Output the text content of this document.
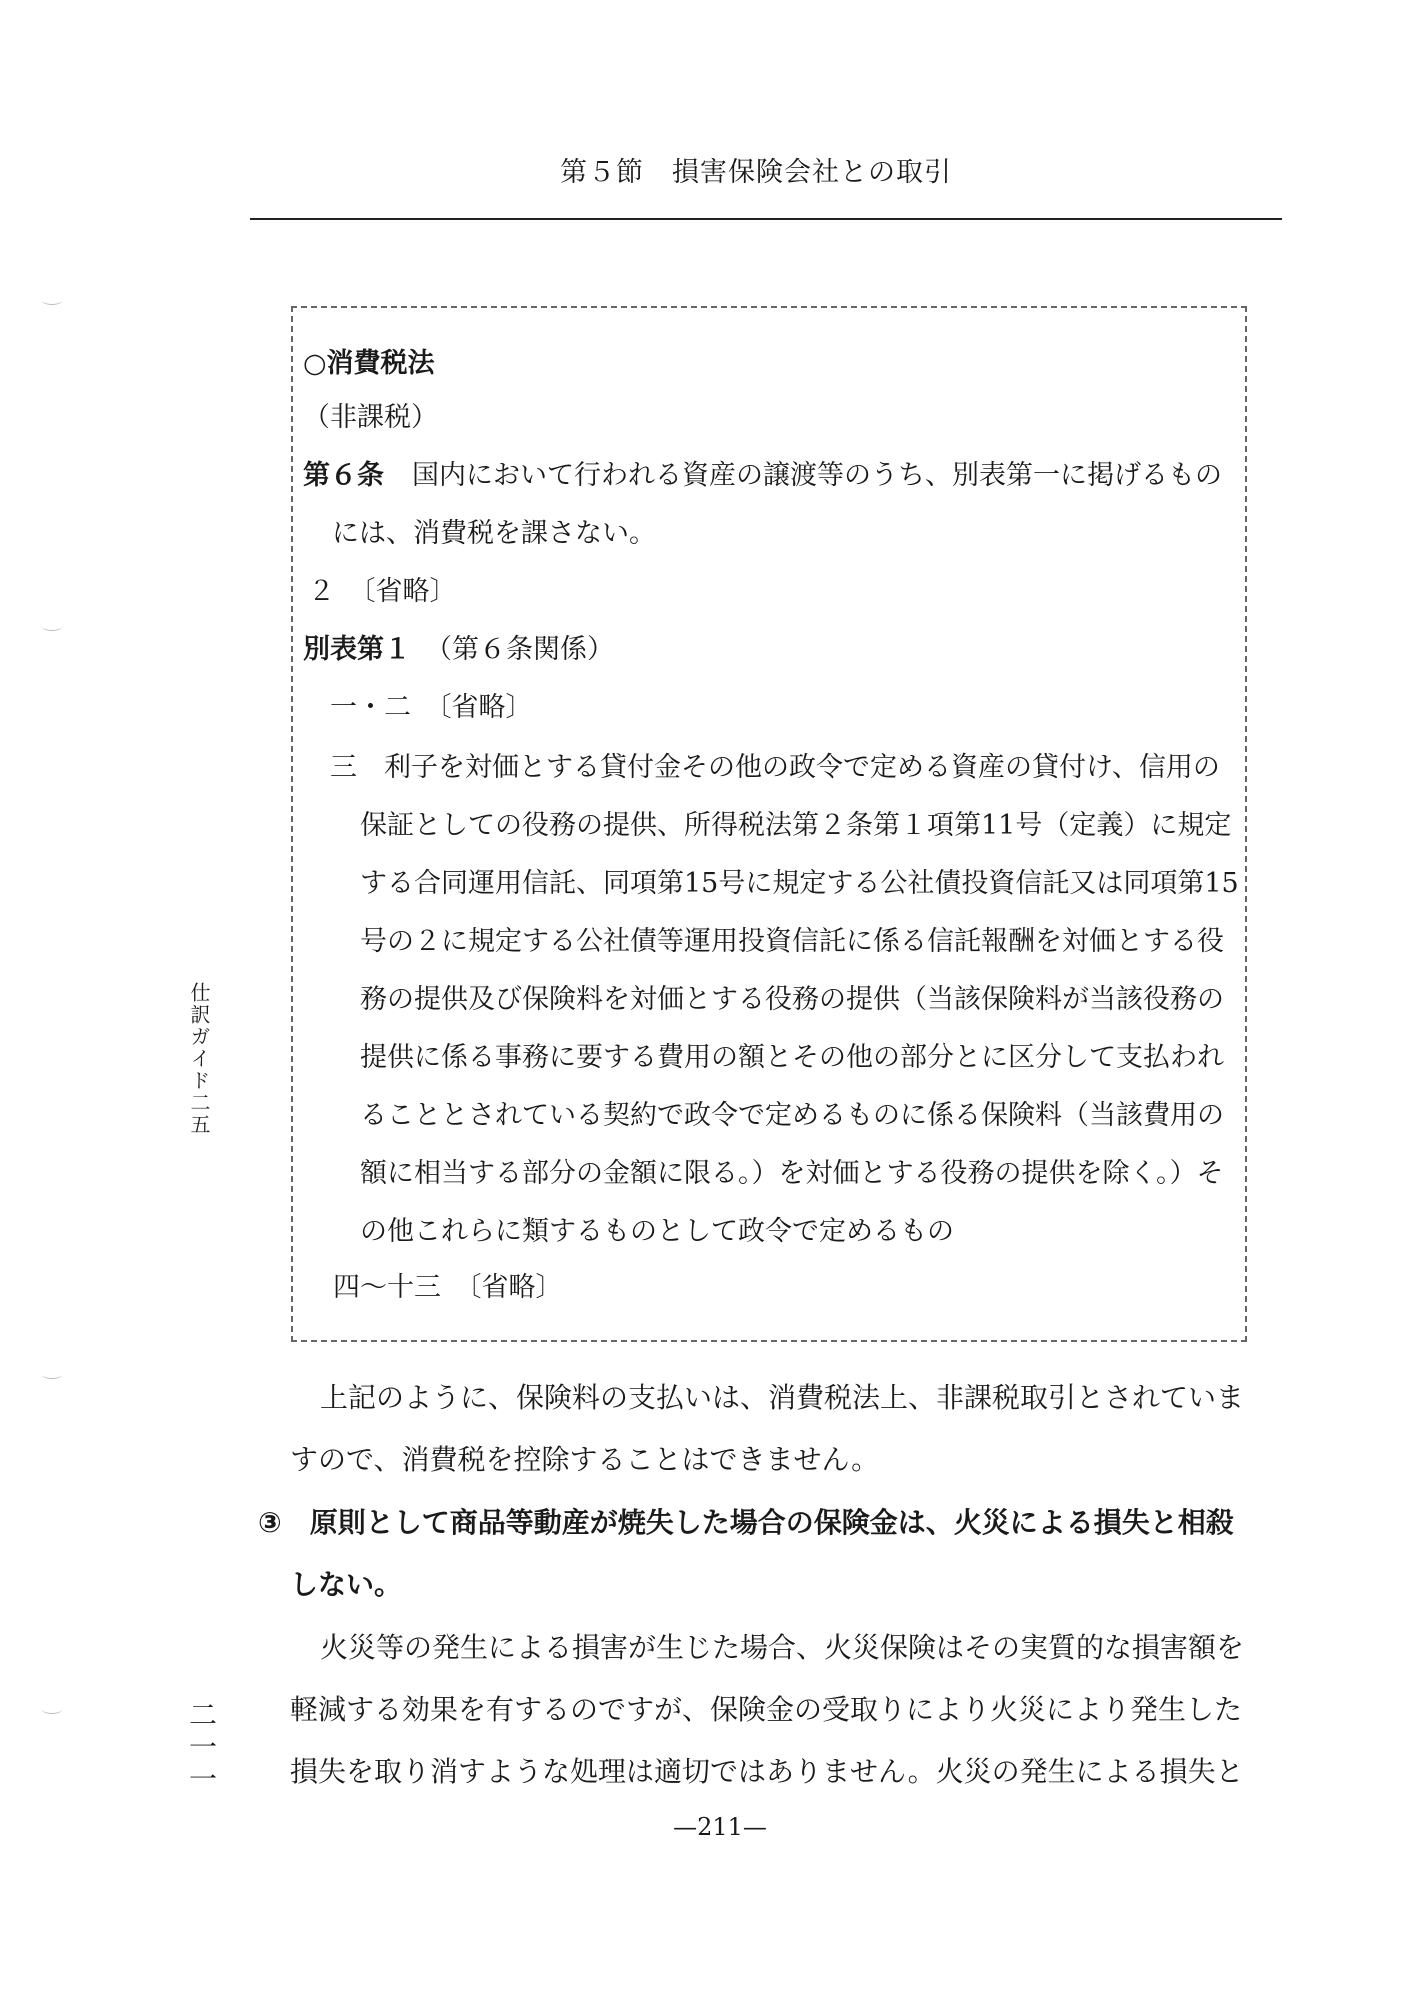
第５節　損害保険会社との取引
○消費税法
（非課税）
第６条 国内において行われる資産の譲渡等のうち、別表第一に掲げるもの
には、消費税を課さない。
２　〔省略〕
別表第１ （第６条関係）
一・二　〔省略〕
三　利子を対価とする貸付金その他の政令で定める資産の貸付け、信用の
保証としての役務の提供、所得税法第２条第１項第11号（定義）に規定
する合同運用信託、同項第15号に規定する公社債投資信託又は同項第15
号の２に規定する公社債等運用投資信託に係る信託報酬を対価とする役
務の提供及び保険料を対価とする役務の提供（当該保険料が当該役務の
提供に係る事務に要する費用の額とその他の部分とに区分して支払われ
ることとされている契約で政令で定めるものに係る保険料（当該費用の
額に相当する部分の金額に限る。）を対価とする役務の提供を除く。）そ
の他これらに類するものとして政令で定めるもの
四～十三　〔省略〕
上記のように、保険料の支払いは、消費税法上、非課税取引とされていま
すので、消費税を控除することはできません。
③　原則として商品等動産が焼失した場合の保険金は、火災による損失と相殺
しない。
火災等の発生による損害が生じた場合、火災保険はその実質的な損害額を
軽減する効果を有するのですが、保険金の受取りにより火災により発生した
損失を取り消すような処理は適切ではありません。火災の発生による損失と
仕訳ガイド二五
二一一
—211—
